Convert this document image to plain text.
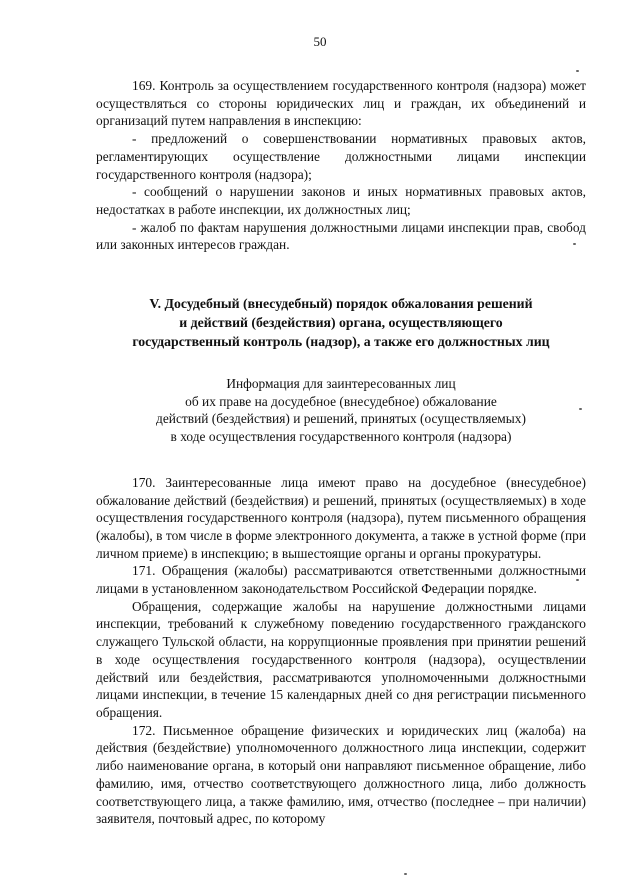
50

169. Контроль за осуществлением государственного контроля (надзора) может осуществляться со стороны юридических лиц и граждан, их объединений и организаций путем направления в инспекцию:

- предложений о совершенствовании нормативных правовых актов, регламентирующих осуществление должностными лицами инспекции государственного контроля (надзора);

- сообщений о нарушении законов и иных нормативных правовых актов, недостатках в работе инспекции, их должностных лиц;

- жалоб по фактам нарушения должностными лицами инспекции прав, свобод или законных интересов граждан.

V. Досудебный (внесудебный) порядок обжалования решений
и действий (бездействия) органа, осуществляющего
государственный контроль (надзор), а также его должностных лиц
Информация для заинтересованных лиц
об их праве на досудебное (внесудебное) обжалование
действий (бездействия) и решений, принятых (осуществляемых)
в ходе осуществления государственного контроля (надзора)

170. Заинтересованные лица имеют право на досудебное (внесудебное) обжалование действий (бездействия) и решений, принятых (осуществляемых) в ходе осуществления государственного контроля (надзора), путем письменного обращения (жалобы), в том числе в форме электронного документа, а также в устной форме (при личном приеме) в инспекцию; в вышестоящие органы и органы прокуратуры.

171. Обращения (жалобы) рассматриваются ответственными должностными лицами в установленном законодательством Российской Федерации порядке.

Обращения, содержащие жалобы на нарушение должностными лицами инспекции, требований к служебному поведению государственного гражданского служащего Тульской области, на коррупционные проявления при принятии решений в ходе осуществления государственного контроля (надзора), осуществлении действий или бездействия, рассматриваются уполномоченными должностными лицами инспекции, в течение 15 календарных дней со дня регистрации письменного обращения.

172. Письменное обращение физических и юридических лиц (жалоба) на действия (бездействие) уполномоченного должностного лица инспекции, содержит либо наименование органа, в который они направляют письменное обращение, либо фамилию, имя, отчество соответствующего должностного лица, либо должность соответствующего лица, а также фамилию, имя, отчество (последнее – при наличии) заявителя, почтовый адрес, по которому
